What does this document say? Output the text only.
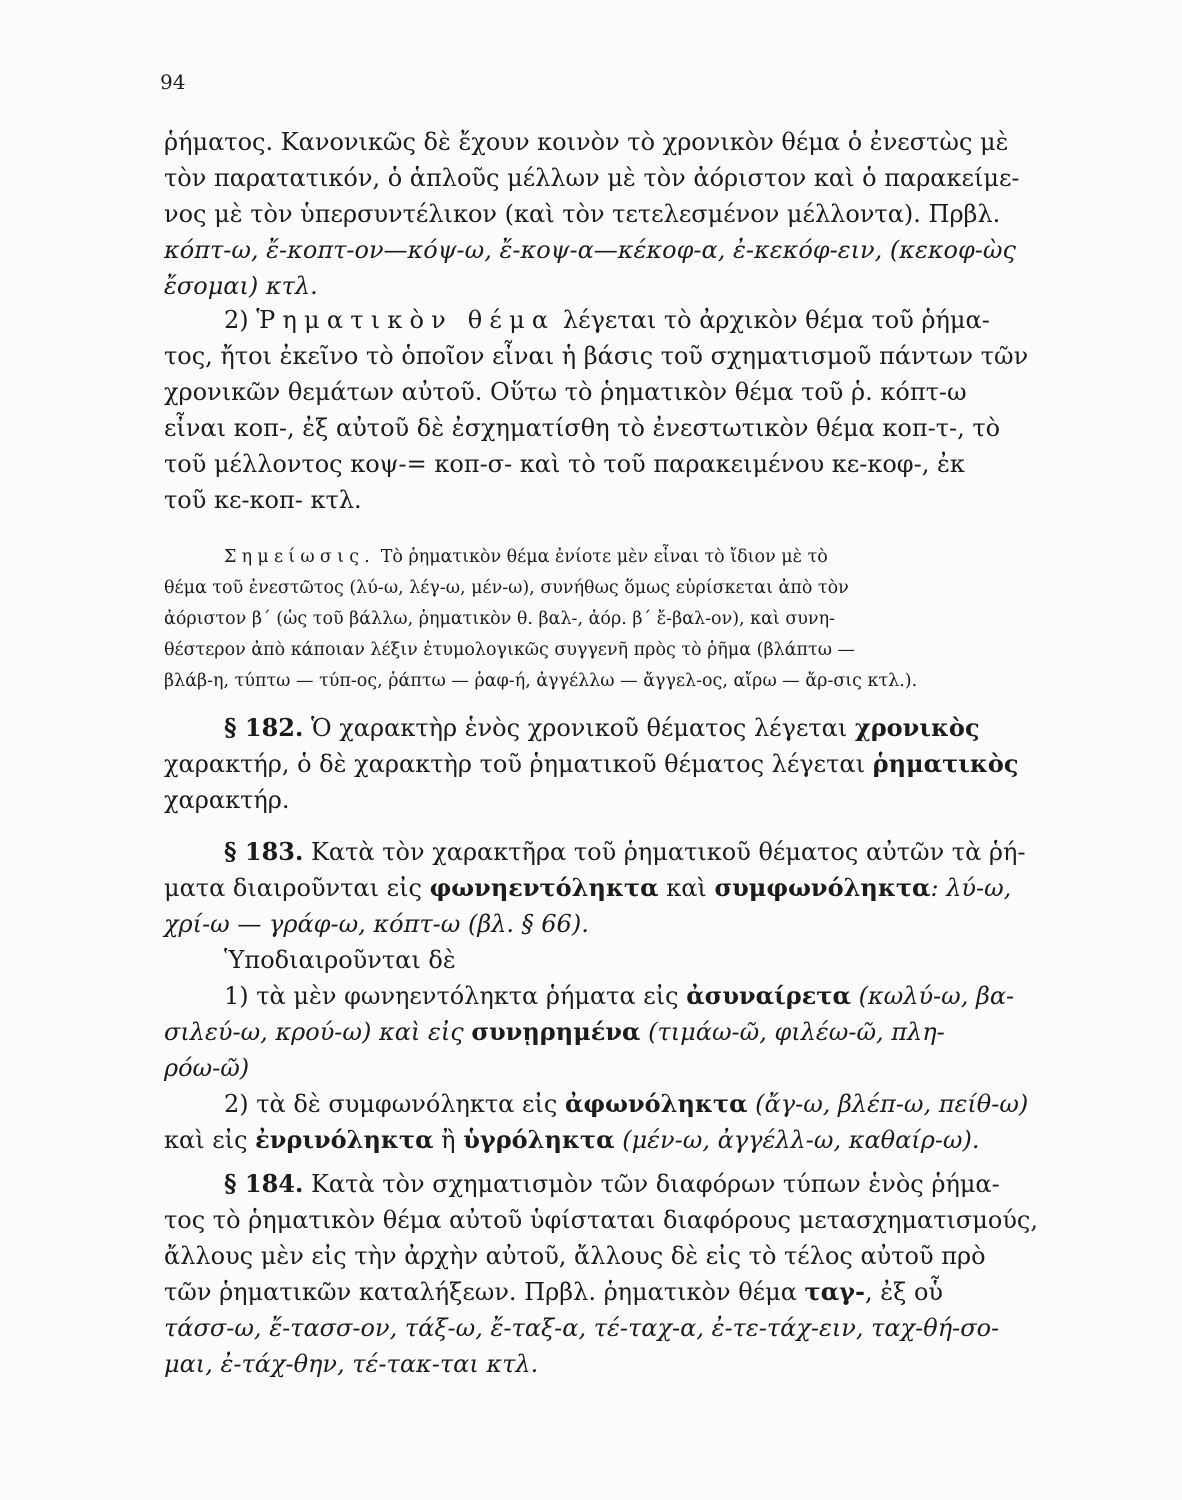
94
ῥήματος. Κανονικῶς δὲ ἔχουν κοινὸν τὸ χρονικὸν θέμα ὁ ἐνεστὼς μὲ
τὸν παρατατικόν, ὁ ἁπλοῦς μέλλων μὲ τὸν ἀόριστον καὶ ὁ παρακείμε-
νος μὲ τὸν ὑπερσυντέλικον (καὶ τὸν τετελεσμένον μέλλοντα). Πρβλ.
κόπτ-ω, ἔ-κοπτ-ον—κόψ-ω, ἔ-κοψ-α—κέκοφ-α, ἐ-κεκόφ-ειν, (κεκοφ-ὼς
ἔσομαι) κτλ.
2) Ῥηματικὸν θέμα λέγεται τὸ ἀρχικὸν θέμα τοῦ ῥήμα-
τος, ἤτοι ἐκεῖνο τὸ ὁποῖον εἶναι ἡ βάσις τοῦ σχηματισμοῦ πάντων τῶν
χρονικῶν θεμάτων αὐτοῦ. Οὕτω τὸ ῥηματικὸν θέμα τοῦ ῥ. κόπτ-ω
εἶναι κοπ-, ἐξ αὐτοῦ δὲ ἐσχηματίσθη τὸ ἐνεστωτικὸν θέμα κοπ-τ-, τὸ
τοῦ μέλλοντος κοψ-= κοπ-σ- καὶ τὸ τοῦ παρακειμένου κε-κοφ-, ἐκ
τοῦ κε-κοπ- κτλ.
Σημείωσις. Τὸ ῥηματικὸν θέμα ἐνίοτε μὲν εἶναι τὸ ἴδιον μὲ τὸ
θέμα τοῦ ἐνεστῶτος (λύ-ω, λέγ-ω, μέν-ω), συνήθως ὅμως εὑρίσκεται ἀπὸ τὸν
ἀόριστον β΄ (ὡς τοῦ βάλλω, ῥηματικὸν θ. βαλ-, ἀόρ. β΄ ἔ-βαλ-ον), καὶ συνη-
θέστερον ἀπὸ κάποιαν λέξιν ἐτυμολογικῶς συγγενῆ πρὸς τὸ ῥῆμα (βλάπτω —
βλάβ-η, τύπτω — τύπ-ος, ῥάπτω — ῥαφ-ή, ἀγγέλλω — ἄγγελ-ος, αἴρω — ἄρ-σις κτλ.).
§ 182. Ὁ χαρακτὴρ ἑνὸς χρονικοῦ θέματος λέγεται χρονικὸς
χαρακτήρ, ὁ δὲ χαρακτὴρ τοῦ ῥηματικοῦ θέματος λέγεται ῥηματικὸς
χαρακτήρ.
§ 183. Κατὰ τὸν χαρακτῆρα τοῦ ῥηματικοῦ θέματος αὐτῶν τὰ ῥή-
ματα διαιροῦνται εἰς φωνηεντόληκτα καὶ συμφωνόληκτα: λύ-ω,
χρί-ω — γράφ-ω, κόπτ-ω (βλ. § 66).
Ὑποδιαιροῦνται δὲ
1) τὰ μὲν φωνηεντόληκτα ῥήματα εἰς ἀσυναίρετα (κωλύ-ω, βα-
σιλεύ-ω, κρού-ω) καὶ εἰς συνῃρημένα (τιμάω-ῶ, φιλέω-ῶ, πλη-
ρόω-ῶ)
2) τὰ δὲ συμφωνόληκτα εἰς ἀφωνόληκτα (ἄγ-ω, βλέπ-ω, πείθ-ω)
καὶ εἰς ἐνρινόληκτα ἢ ὑγρόληκτα (μέν-ω, ἀγγέλλ-ω, καθαίρ-ω).
§ 184. Κατὰ τὸν σχηματισμὸν τῶν διαφόρων τύπων ἑνὸς ῥήμα-
τος τὸ ῥηματικὸν θέμα αὐτοῦ ὑφίσταται διαφόρους μετασχηματισμούς,
ἄλλους μὲν εἰς τὴν ἀρχὴν αὐτοῦ, ἄλλους δὲ εἰς τὸ τέλος αὐτοῦ πρὸ
τῶν ῥηματικῶν καταλήξεων. Πρβλ. ῥηματικὸν θέμα ταγ-, ἐξ οὗ
τάσσ-ω, ἔ-τασσ-ον, τάξ-ω, ἔ-ταξ-α, τέ-ταχ-α, ἐ-τε-τάχ-ειν, ταχ-θή-σο-
μαι, ἐ-τάχ-θην, τέ-τακ-ται κτλ.
